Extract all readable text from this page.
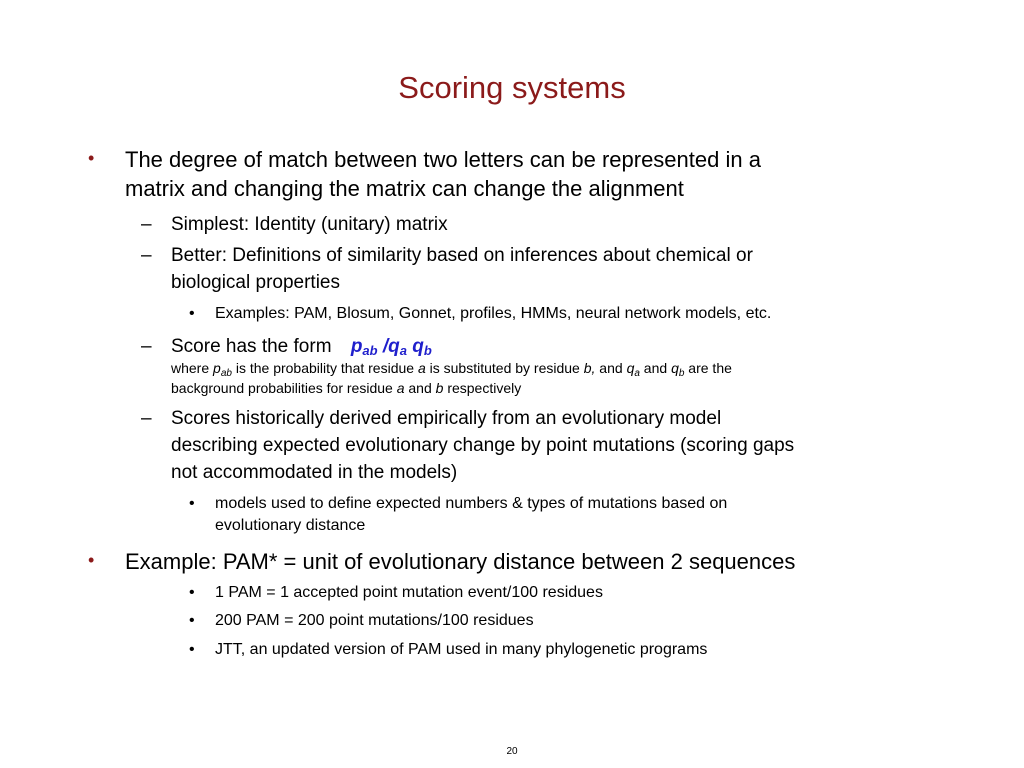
Scoring systems
• The degree of match between two letters can be represented in a
matrix and changing the matrix can change the alignment
– Simplest: Identity (unitary) matrix
– Better: Definitions of similarity based on inferences about chemical or
biological properties
• Examples: PAM, Blosum, Gonnet, profiles, HMMs, neural network models, etc.
– Score has the form $p_{ab}$ $/q_a$ $q_b$
where $p_{ab}$ is the probability that residue a is substituted by residue b, and $q_a$ and $q_b$ are the
background probabilities for residue a and b respectively
– Scores historically derived empirically from an evolutionary model
describing expected evolutionary change by point mutations (scoring gaps
not accommodated in the models)
• models used to define expected numbers & types of mutations based on
evolutionary distance
• Example: PAM* = unit of evolutionary distance between 2 sequences
• 1 PAM = 1 accepted point mutation event/100 residues
• 200 PAM = 200 point mutations/100 residues
• JTT, an updated version of PAM used in many phylogenetic programs
20
